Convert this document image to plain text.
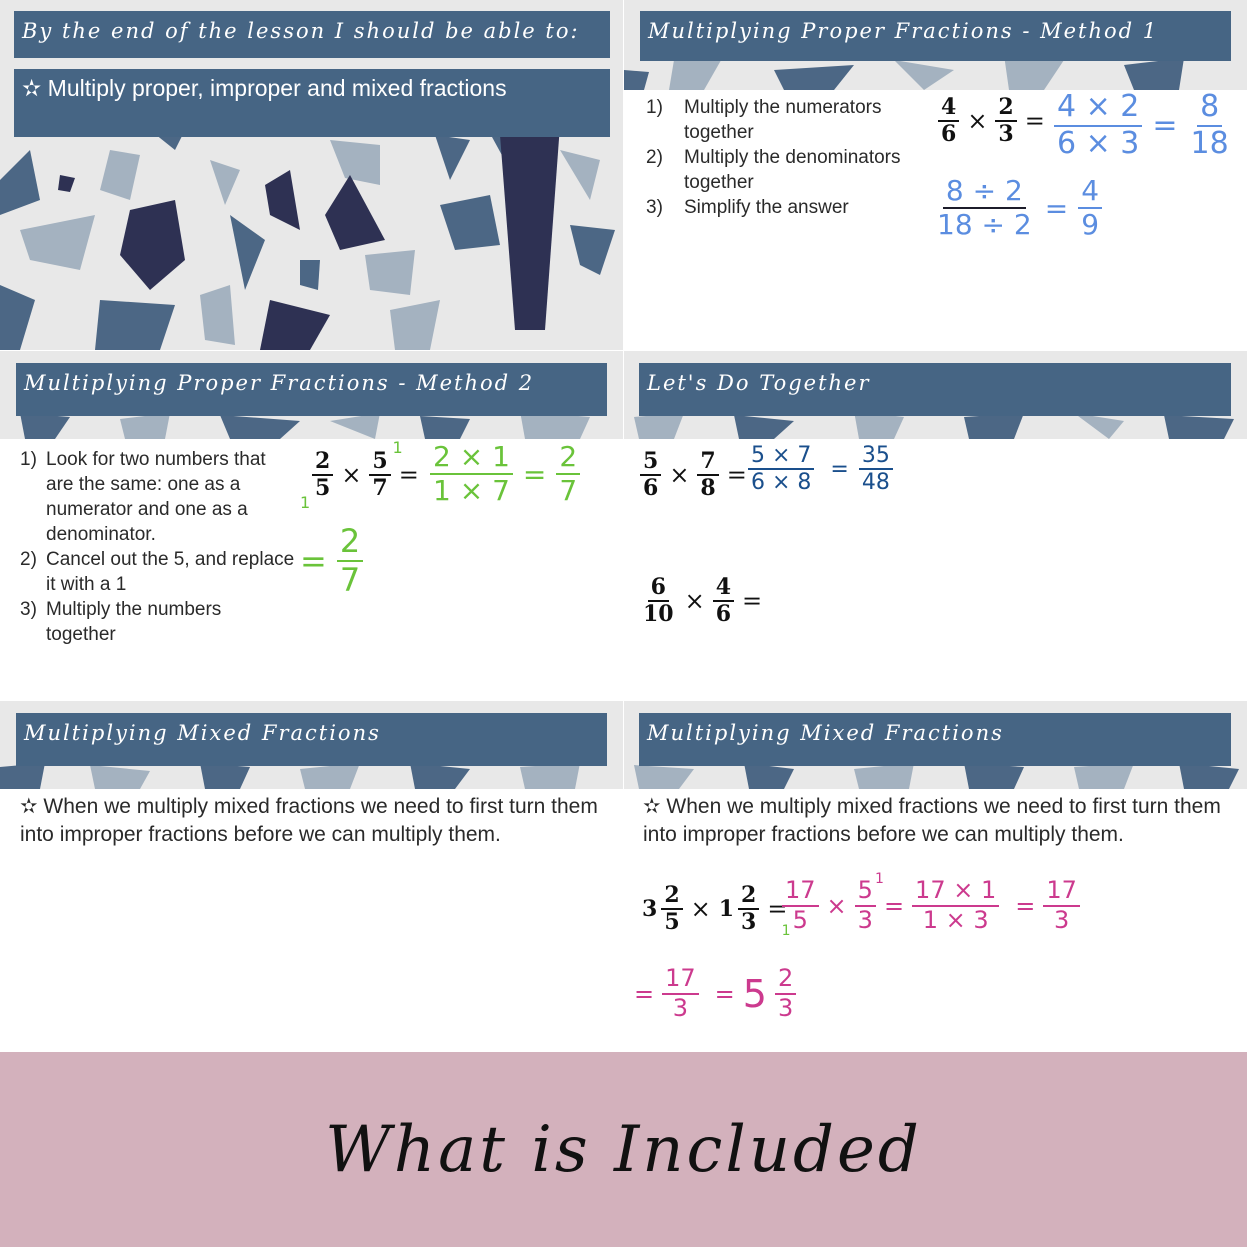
By the end of the lesson I should be able to:
✫ Multiply proper, improper and mixed fractions
Multiplying Proper Fractions - Method 1
1)	Multiply the numerators together
2)	Multiply the denominators together
3)	Simplify the answer
$\frac{4}{6} \times \frac{2}{3} = \frac{4 \times 2}{6 \times 3} = \frac{8}{18}$
$\frac{8 \div 2}{18 \div 2} = \frac{4}{9}$
Multiplying Proper Fractions - Method 2
1) Look for two numbers that are the same: one as a numerator and one as a denominator.
2) Cancel out the 5, and replace it with a 1
3) Multiply the numbers together
2
5
1 × 5
1
$7 = \frac{2 \times 1}{1 \times 7} = \frac{2}{7}$
= $\frac{2}{7}$
Let's Do Together
$\frac{5}{6} \times \frac{7}{8} = \frac{5 \times 7}{6 \times 8} = \frac{35}{48}$
$\frac{6}{10} \times \frac{4}{6}$ =
Multiplying Mixed Fractions
✫ When we multiply mixed fractions we need to first turn them into improper fractions before we can multiply them.
Multiplying Mixed Fractions
✫ When we multiply mixed fractions we need to first turn them into improper fractions before we can multiply them.
$3 \frac{2}{5} \times 1 \frac{2}{3}$ =
17
5
$1 \times \frac{5 1}{3} = \frac{17 \times 1}{1 \times 3} = \frac{17}{3}$
= $\frac{17}{3} = 5 \frac{2}{3}$
What is Included
